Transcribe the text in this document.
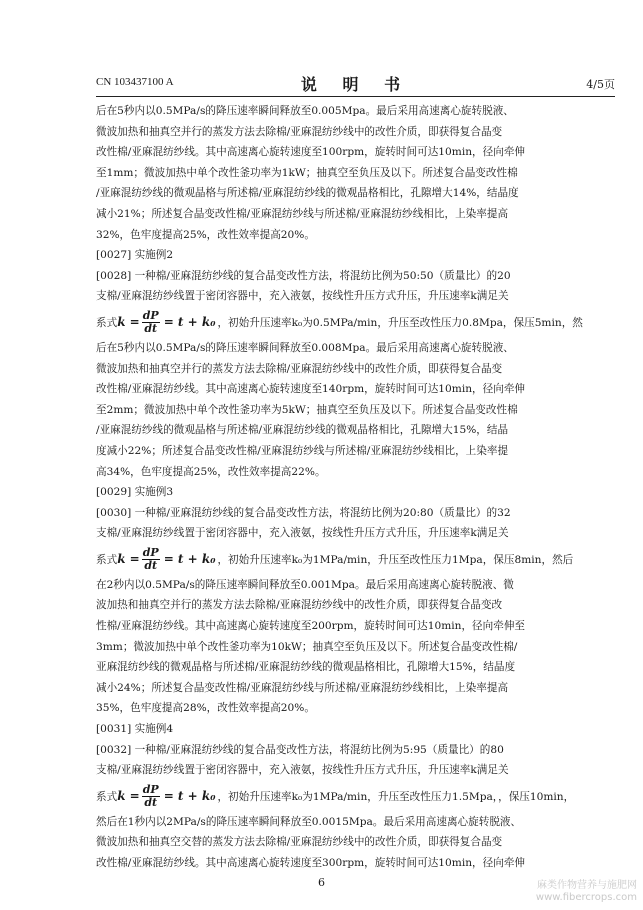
CN 103437100 A	说 明 书	4/5页

后在5秒内以0.5MPa/s的降压速率瞬间释放至0.005Mpa。最后采用高速离心旋转脱液、

微波加热和抽真空并行的蒸发方法去除棉/亚麻混纺纱线中的改性介质，即获得复合晶变

改性棉/亚麻混纺纱线。其中高速离心旋转速度至100rpm，旋转时间可达10min，径向牵伸

至1mm；微波加热中单个改性釜功率为1kW；抽真空至负压及以下。所述复合晶变改性棉

/亚麻混纺纱线的微观晶格与所述棉/亚麻混纺纱线的微观晶格相比，孔隙增大14%，结晶度

减小21%；所述复合晶变改性棉/亚麻混纺纱线与所述棉/亚麻混纺纱线相比，上染率提高

32%，色牢度提高25%，改性效率提高20%。

[0027] 实施例2

[0028] 一种棉/亚麻混纺纱线的复合晶变改性方法，将混纺比例为50:50（质量比）的20

支棉/亚麻混纺纱线置于密闭容器中，充入液氨，按线性升压方式升压，升压速率k满足关

系式 $k = \frac{dP}{dt} = t + k_0$ ，初始升压速率k₀为0.5MPa/min，升压至改性压力0.8Mpa，保压5min，然

后在5秒内以0.5MPa/s的降压速率瞬间释放至0.008Mpa。最后采用高速离心旋转脱液、

微波加热和抽真空并行的蒸发方法去除棉/亚麻混纺纱线中的改性介质，即获得复合晶变

改性棉/亚麻混纺纱线。其中高速离心旋转速度至140rpm，旋转时间可达10min，径向牵伸

至2mm；微波加热中单个改性釜功率为5kW；抽真空至负压及以下。所述复合晶变改性棉

/亚麻混纺纱线的微观晶格与所述棉/亚麻混纺纱线的微观晶格相比，孔隙增大15%，结晶

度减小22%；所述复合晶变改性棉/亚麻混纺纱线与所述棉/亚麻混纺纱线相比，上染率提

高34%，色牢度提高25%，改性效率提高22%。

[0029] 实施例3

[0030] 一种棉/亚麻混纺纱线的复合晶变改性方法，将混纺比例为20:80（质量比）的32

支棉/亚麻混纺纱线置于密闭容器中，充入液氨，按线性升压方式升压，升压速率k满足关

系式 $k = \frac{dP}{dt} = t + k_0$ ，初始升压速率k₀为1MPa/min，升压至改性压力1Mpa，保压8min，然后

在2秒内以0.5MPa/s的降压速率瞬间释放至0.001Mpa。最后采用高速离心旋转脱液、微

波加热和抽真空并行的蒸发方法去除棉/亚麻混纺纱线中的改性介质，即获得复合晶变改

性棉/亚麻混纺纱线。其中高速离心旋转速度至200rpm，旋转时间可达10min，径向牵伸至

3mm；微波加热中单个改性釜功率为10kW；抽真空至负压及以下。所述复合晶变改性棉/

亚麻混纺纱线的微观晶格与所述棉/亚麻混纺纱线的微观晶格相比，孔隙增大15%，结晶度

减小24%；所述复合晶变改性棉/亚麻混纺纱线与所述棉/亚麻混纺纱线相比，上染率提高

35%，色牢度提高28%，改性效率提高20%。

[0031] 实施例4

[0032] 一种棉/亚麻混纺纱线的复合晶变改性方法，将混纺比例为5:95（质量比）的80

支棉/亚麻混纺纱线置于密闭容器中，充入液氨，按线性升压方式升压，升压速率k满足关

系式 $k = \frac{dP}{dt} = t + k_0$ ，初始升压速率k₀为1MPa/min，升压至改性压力1.5Mpa，，保压10min，

然后在1秒内以2MPa/s的降压速率瞬间释放至0.0015Mpa。最后采用高速离心旋转脱液、

微波加热和抽真空交替的蒸发方法去除棉/亚麻混纺纱线中的改性介质，即获得复合晶变

改性棉/亚麻混纺纱线。其中高速离心旋转速度至300rpm，旋转时间可达10min，径向牵伸

6	麻类作物营养与施肥网
www.fibercrops.com
